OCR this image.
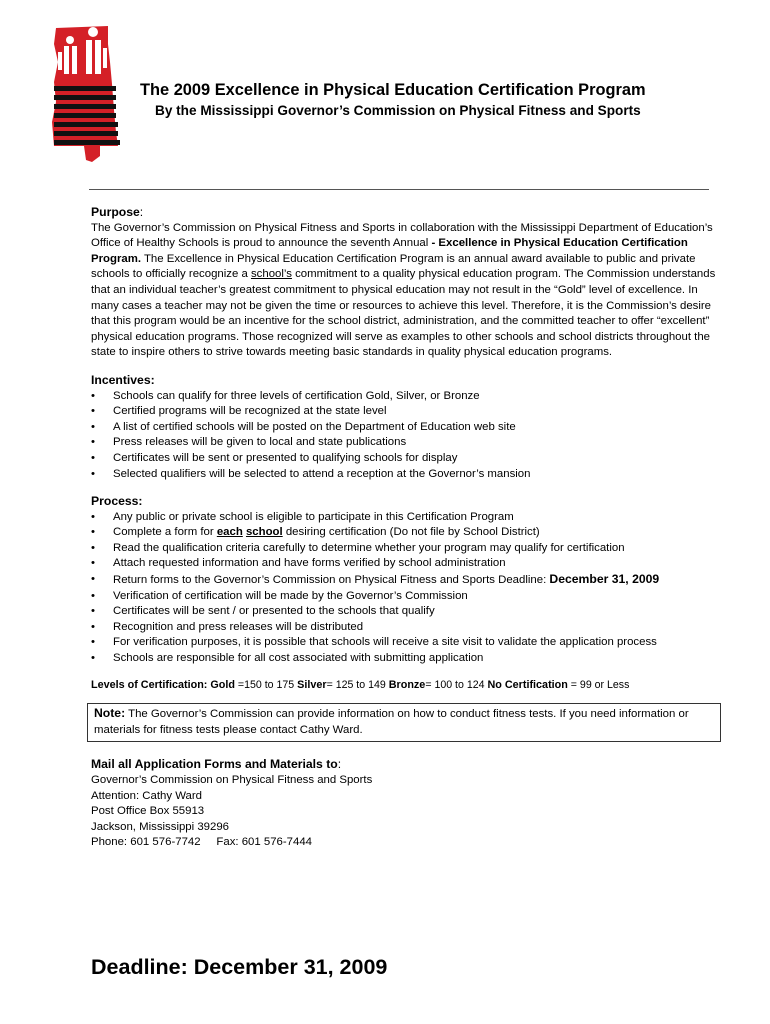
The 2009 Excellence in Physical Education Certification Program
By the Mississippi Governor’s Commission on Physical Fitness and Sports

Purpose:

The Governor’s Commission on Physical Fitness and Sports in collaboration with the Mississippi Department of Education’s Office of Healthy Schools is proud to announce the seventh Annual - Excellence in Physical Education Certification Program. The Excellence in Physical Education Certification Program is an annual award available to public and private schools to officially recognize a school’s commitment to a quality physical education program. The Commission understands that an individual teacher’s greatest commitment to physical education may not result in the “Gold” level of excellence. In many cases a teacher may not be given the time or resources to achieve this level. Therefore, it is the Commission’s desire that this program would be an incentive for the school district, administration, and the committed teacher to offer “excellent” physical education programs. Those recognized will serve as examples to other schools and school districts throughout the state to inspire others to strive towards meeting basic standards in quality physical education programs.

Incentives:

• Schools can qualify for three levels of certification Gold, Silver, or Bronze
• Certified programs will be recognized at the state level
• A list of certified schools will be posted on the Department of Education web site
• Press releases will be given to local and state publications
• Certificates will be sent or presented to qualifying schools for display
• Selected qualifiers will be selected to attend a reception at the Governor’s mansion

Process:

• Any public or private school is eligible to participate in this Certification Program
• Complete a form for each school desiring certification (Do not file by School District)
• Read the qualification criteria carefully to determine whether your program may qualify for certification
• Attach requested information and have forms verified by school administration
• Return forms to the Governor’s Commission on Physical Fitness and Sports Deadline: December 31, 2009
• Verification of certification will be made by the Governor’s Commission
• Certificates will be sent / or presented to the schools that qualify
• Recognition and press releases will be distributed
• For verification purposes, it is possible that schools will receive a site visit to validate the application process
• Schools are responsible for all cost associated with submitting application

Levels of Certification: Gold =150 to 175 Silver= 125 to 149 Bronze= 100 to 124 No Certification = 99 or Less

Note: The Governor’s Commission can provide information on how to conduct fitness tests. If you need information or materials for fitness tests please contact Cathy Ward.

Mail all Application Forms and Materials to:

Governor’s Commission on Physical Fitness and Sports

Attention: Cathy Ward

Post Office Box 55913

Jackson, Mississippi 39296

Phone: 601 576-7742     Fax: 601 576-7444

Deadline: December 31, 2009
